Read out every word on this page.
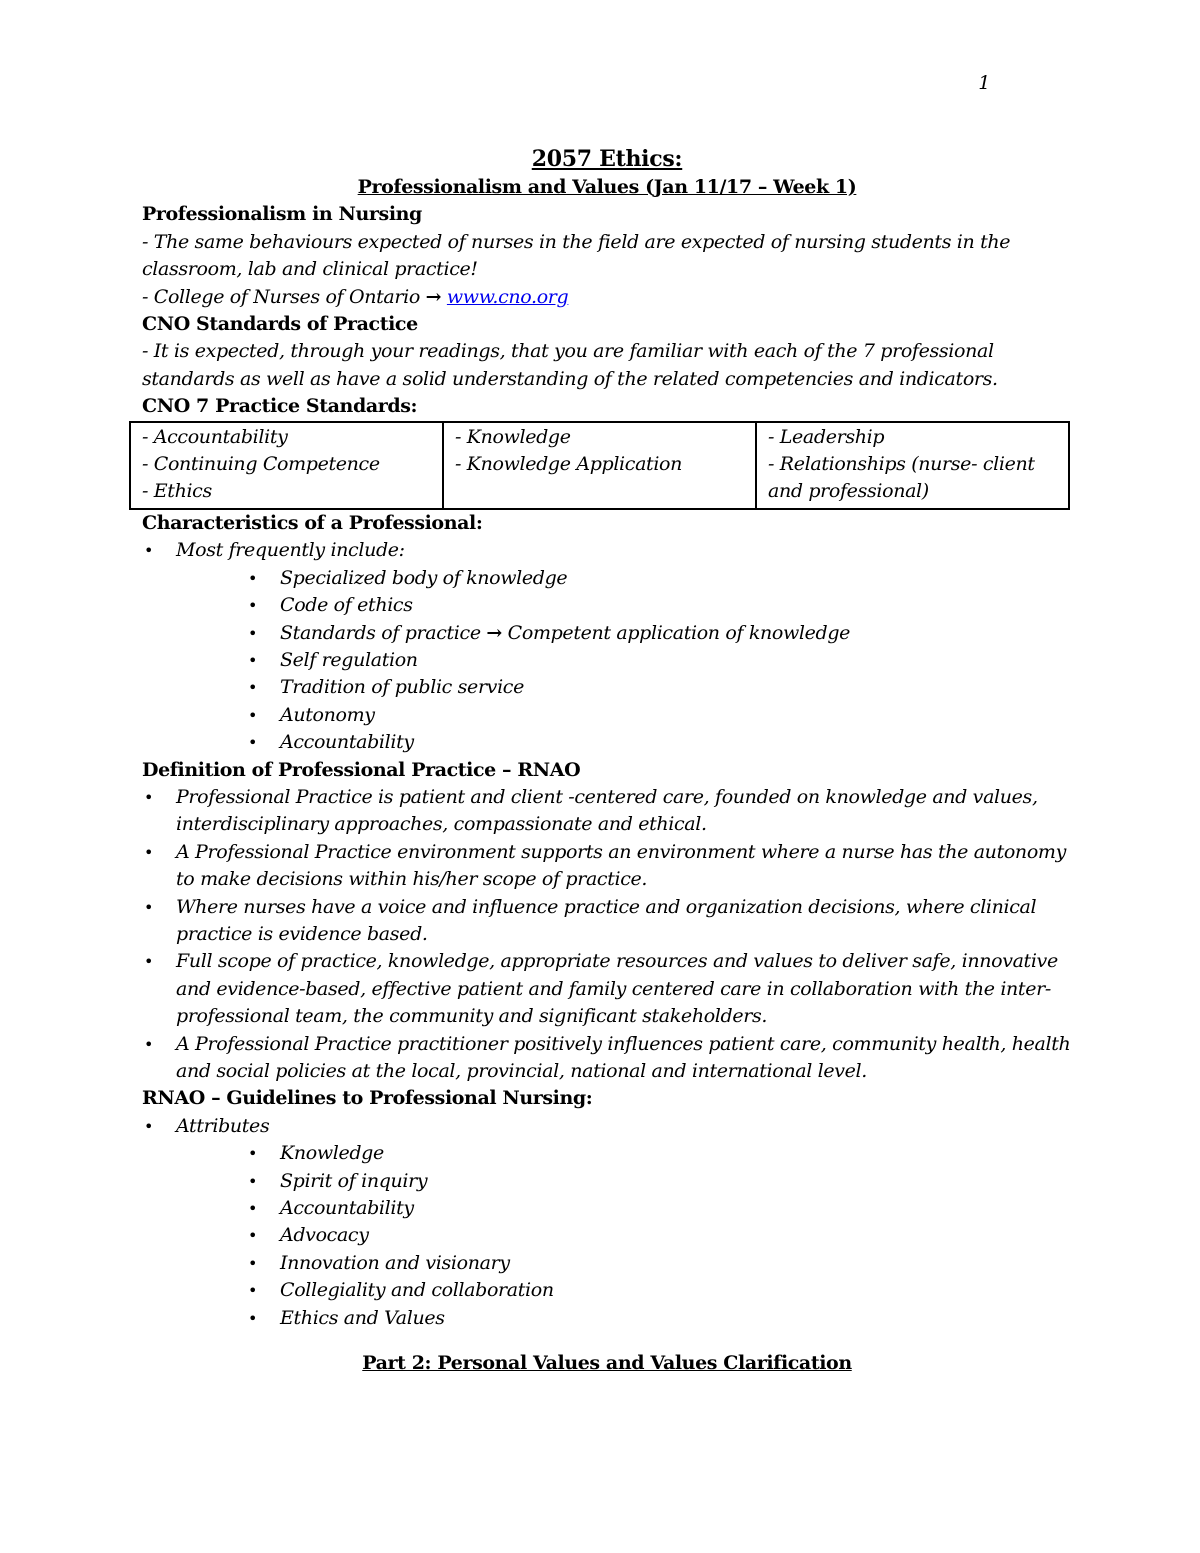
1
2057 Ethics:
Professionalism and Values (Jan 11/17 – Week 1)
Professionalism in Nursing
- The same behaviours expected of nurses in the field are expected of nursing students in the classroom, lab and clinical practice!
- College of Nurses of Ontario → www.cno.org
CNO Standards of Practice
- It is expected, through your readings, that you are familiar with each of the 7 professional standards as well as have a solid understanding of the related competencies and indicators.
CNO 7 Practice Standards:
- Accountability
- Continuing Competence
- Ethics

- Knowledge
- Knowledge Application

- Leadership
- Relationships (nurse- client and professional)
Characteristics of a Professional:
• Most frequently include:
• Specialized body of knowledge
• Code of ethics
• Standards of practice → Competent application of knowledge
• Self regulation
• Tradition of public service
• Autonomy
• Accountability
Definition of Professional Practice – RNAO
• Professional Practice is patient and client -centered care, founded on knowledge and values, interdisciplinary approaches, compassionate and ethical.
• A Professional Practice environment supports an environment where a nurse has the autonomy to make decisions within his/her scope of practice.
• Where nurses have a voice and influence practice and organization decisions, where clinical practice is evidence based.
• Full scope of practice, knowledge, appropriate resources and values to deliver safe, innovative and evidence-based, effective patient and family centered care in collaboration with the inter-professional team, the community and significant stakeholders.
• A Professional Practice practitioner positively influences patient care, community health, health and social policies at the local, provincial, national and international level.
RNAO – Guidelines to Professional Nursing:
• Attributes
• Knowledge
• Spirit of inquiry
• Accountability
• Advocacy
• Innovation and visionary
• Collegiality and collaboration
• Ethics and Values
Part 2: Personal Values and Values Clarification
